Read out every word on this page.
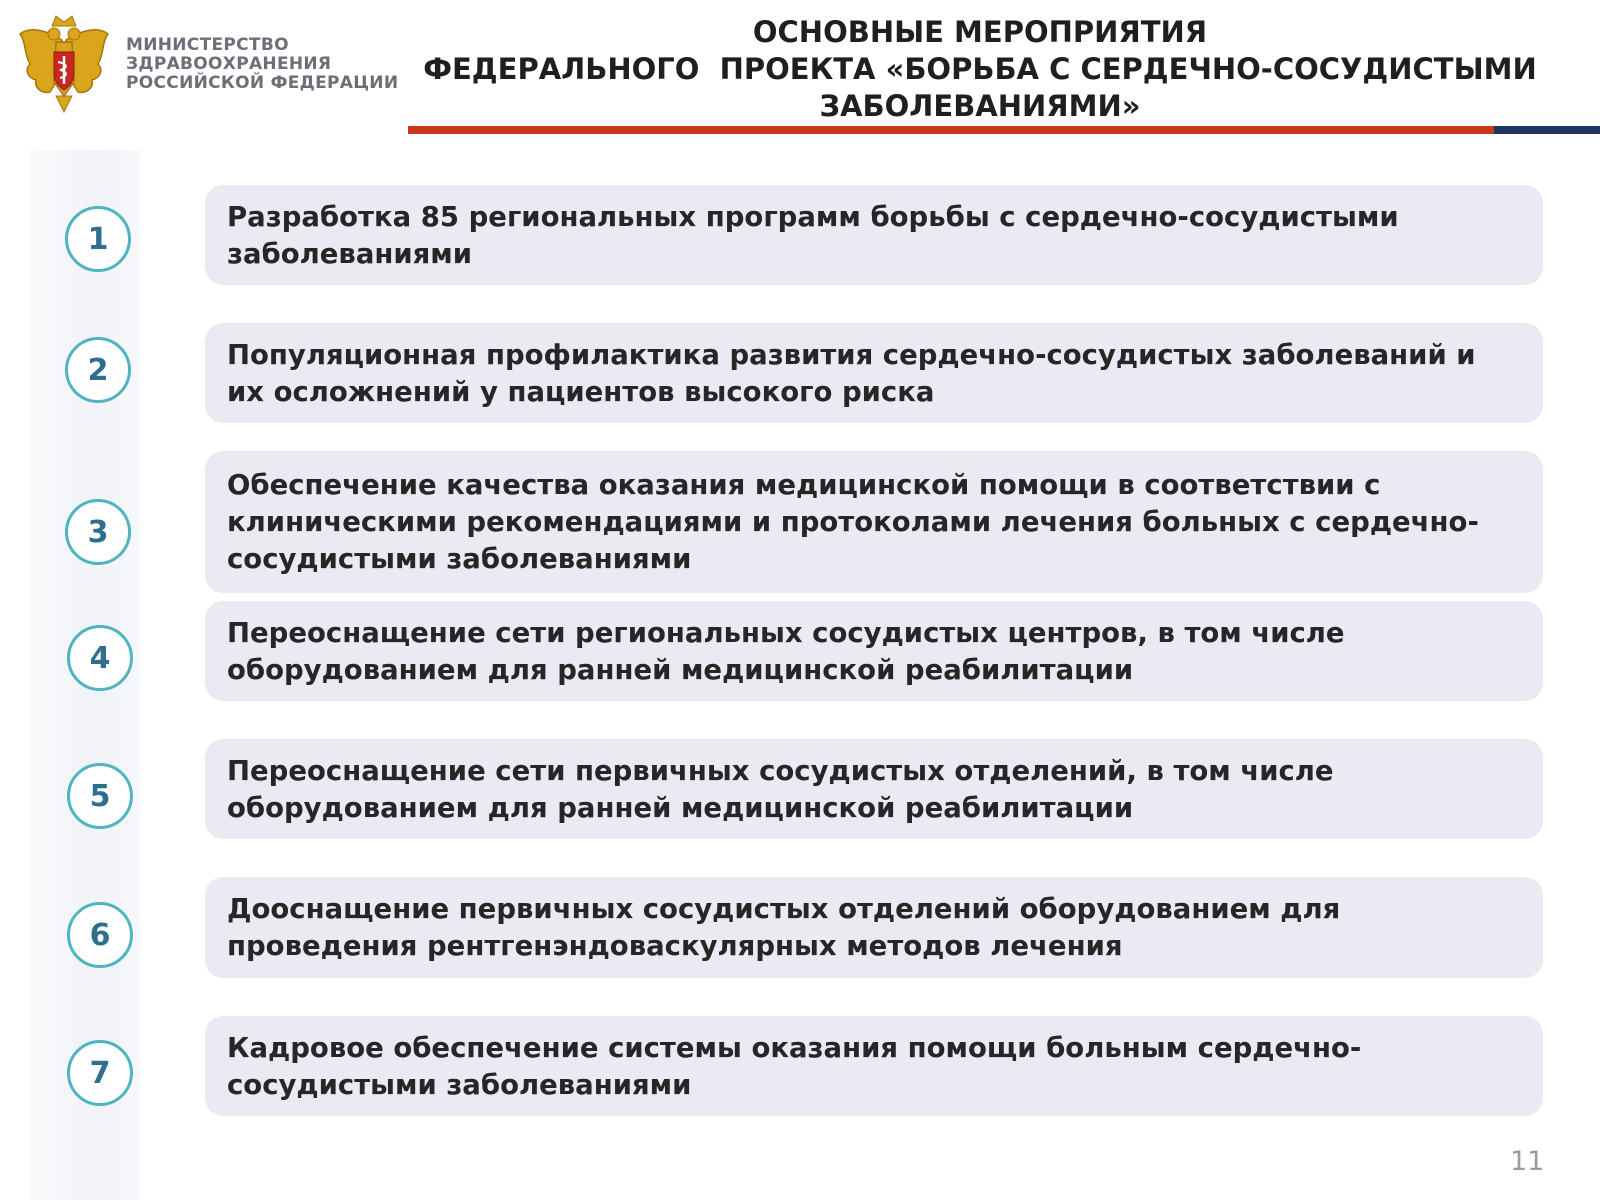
МИНИСТЕРСТВО
ЗДРАВООХРАНЕНИЯ
РОССИЙСКОЙ ФЕДЕРАЦИИ
ОСНОВНЫЕ МЕРОПРИЯТИЯ
ФЕДЕРАЛЬНОГО  ПРОЕКТА «БОРЬБА С СЕРДЕЧНО-СОСУДИСТЫМИ
ЗАБОЛЕВАНИЯМИ»
1

Разработка 85 региональных программ борьбы с сердечно-сосудистыми заболеваниями

2	Популяционная профилактика развития сердечно-сосудистых заболеваний и их осложнений у пациентов высокого риска

3

Обеспечение качества оказания медицинской помощи в соответствии с клиническими рекомендациями и протоколами лечения больных с сердечно-сосудистыми заболеваниями

4

Переоснащение сети региональных сосудистых центров, в том числе оборудованием для ранней медицинской реабилитации

5

Переоснащение сети первичных сосудистых отделений, в том числе оборудованием для ранней медицинской реабилитации

6

Дооснащение первичных сосудистых отделений оборудованием для проведения рентгенэндоваскулярных методов лечения

7

Кадровое обеспечение системы оказания помощи больным сердечно-сосудистыми заболеваниями

11
